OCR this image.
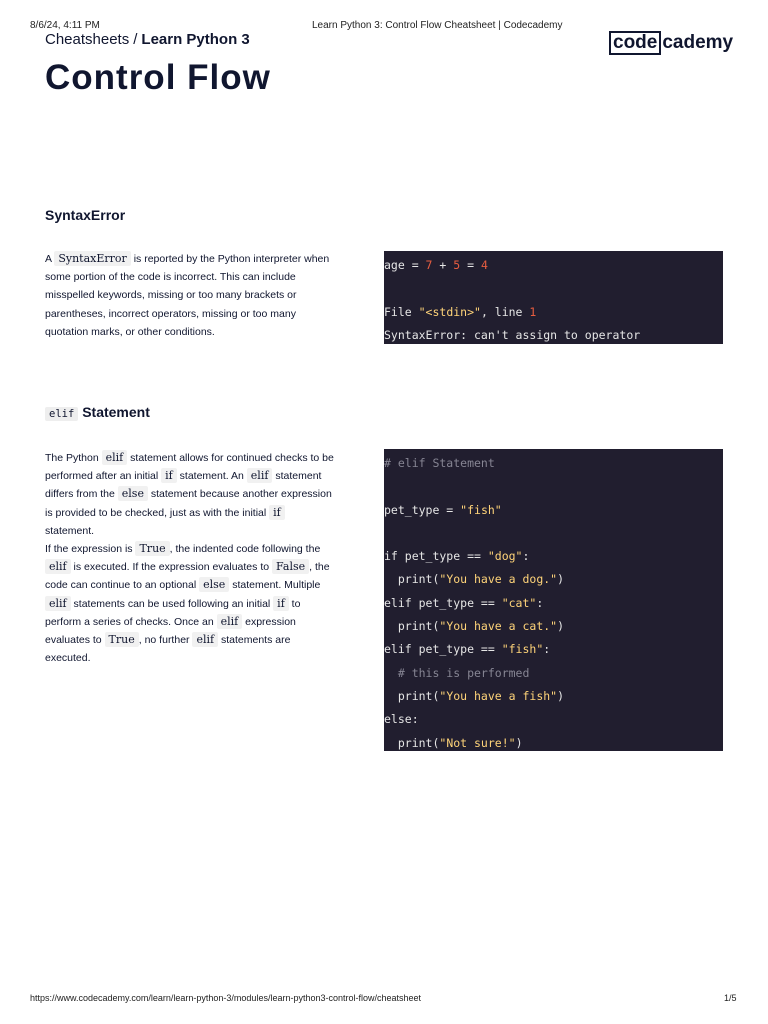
8/6/24, 4:11 PM	Learn Python 3: Control Flow Cheatsheet | Codecademy
Cheatsheets / Learn Python 3	code cademy
Control Flow
SyntaxError
A SyntaxError is reported by the Python interpreter when some portion of the code is incorrect. This can include misspelled keywords, missing or too many brackets or parentheses, incorrect operators, missing or too many quotation marks, or other conditions.
age = 7 + 5 = 4
File "<stdin>", line 1
SyntaxError: can't assign to operator
elif Statement
The Python elif statement allows for continued checks to be performed after an initial if statement. An elif statement differs from the else statement because another expression is provided to be checked, just as with the initial if statement.
If the expression is True , the indented code following the elif is executed. If the expression evaluates to False , the code can continue to an optional else statement. Multiple elif statements can be used following an initial if to perform a series of checks. Once an elif expression evaluates to True , no further elif statements are executed.
# elif Statement
pet_type = "fish"
if pet_type == "dog":
print("You have a dog.")
elif pet_type == "cat":
print("You have a cat.")
elif pet_type == "fish":
# this is performed
print("You have a fish")
else:
print("Not sure!")
https://www.codecademy.com/learn/learn-python-3/modules/learn-python3-control-flow/cheatsheet	1/5
